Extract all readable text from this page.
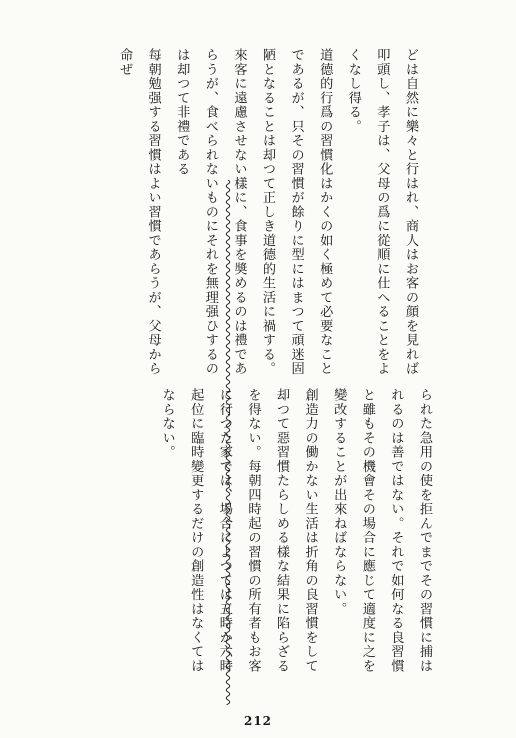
どは自然に樂々と行はれ、商人はお客の顔を見れば叩頭し、孝子は、父母の爲に從順に仕へることをよくなし得る。

道德的行爲の習慣化はかくの如く極めて必要なことであるが、只その習慣が餘りに型にはまつて頑迷固陋となることは却つて正しき道德的生活に禍する。來客に遠慮させない樣に、食事を奬めるのは禮であらうが、食べられないものにそれを無理强ひするのは却つて非禮である

每朝勉强する習慣はよい習慣であらうが、父母から命ぜ

られた急用の使を拒んでまでその習慣に捕はれるのは善ではない。それで如何なる良習慣と雖もその機會その場合に應じて適度に之を變改することが出來ねばならない。

創造力の働かない生活は折角の良習慣をして却つて惡習慣たらしめる樣な結果に陷らざるを得ない。每朝四時起の習慣の所有者もお客に行つた家では、場合によつては五時か六時起位に臨時變更するだけの創造性はなくてはならない。

212
